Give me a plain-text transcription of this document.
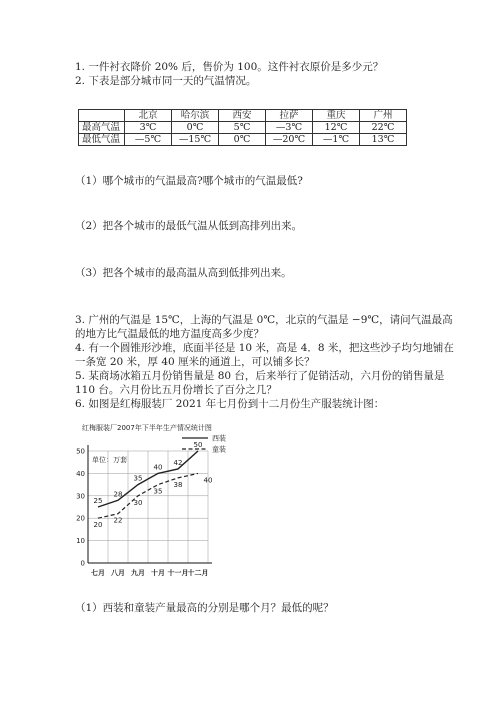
1. 一件衬衣降价 20% 后，售价为 100。这件衬衣原价是多少元？
2. 下表是部分城市同一天的气温情况。
	北京	哈尔滨	西安	拉萨	重庆	广州
最高气温	3℃	0℃	5℃	—3℃	12℃	22℃
最低气温	—5℃	—15℃	0℃	—20℃	—1℃	13℃
（1）哪个城市的气温最高?哪个城市的气温最低?
（2）把各个城市的最低气温从低到高排列出来。
（3）把各个城市的最高温从高到低排列出来。
3. 广州的气温是 15℃，上海的气温是 0℃，北京的气温是 −9℃，请问气温最高
的地方比气温最低的地方温度高多少度？
4. 有一个圆锥形沙堆，底面半径是 10 米，高是 4．8 米，把这些沙子均匀地铺在
一条宽 20 米，厚 40 厘米的通道上，可以铺多长？
5. 某商场冰箱五月份销售量是 80 台，后来举行了促销活动，六月份的销售量是
110 台。六月份比五月份增长了百分之几？
6. 如图是红梅服装厂 2021 年七月份到十二月份生产服装统计图：
红梅服装厂2007年下半年生产情况统计图
单位：万套
西装
童装
25
28
35
40
42
50
20
22
30
35
38
40
10
20
30
40
50
0
七月 八月 九月 十月 十一月 十二月
（1）西装和童装产量最高的分别是哪个月？最低的呢？
